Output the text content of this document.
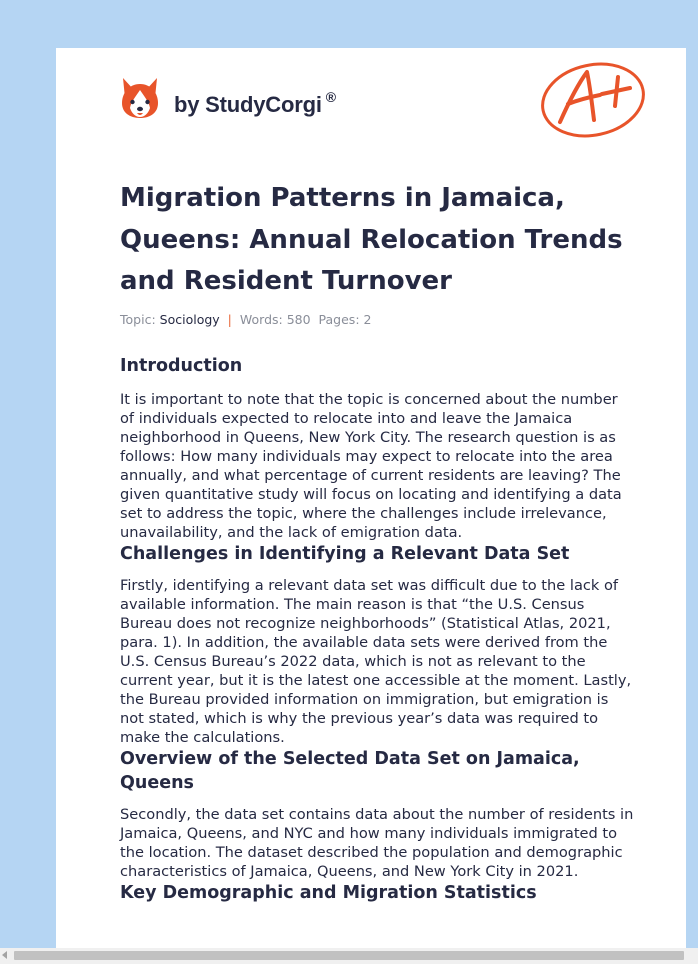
by StudyCorgi ®
Migration Patterns in Jamaica, Queens: Annual Relocation Trends and Resident Turnover
Topic: Sociology | Words: 580 Pages: 2
Introduction

It is important to note that the topic is concerned about the number of individuals expected to relocate into and leave the Jamaica neighborhood in Queens, New York City. The research question is as follows: How many individuals may expect to relocate into the area annually, and what percentage of current residents are leaving? The given quantitative study will focus on locating and identifying a data set to address the topic, where the challenges include irrelevance, unavailability, and the lack of emigration data.

Challenges in Identifying a Relevant Data Set

Firstly, identifying a relevant data set was difficult due to the lack of available information. The main reason is that “the U.S. Census Bureau does not recognize neighborhoods” (Statistical Atlas, 2021, para. 1). In addition, the available data sets were derived from the U.S. Census Bureau’s 2022 data, which is not as relevant to the current year, but it is the latest one accessible at the moment. Lastly, the Bureau provided information on immigration, but emigration is not stated, which is why the previous year’s data was required to make the calculations.

Overview of the Selected Data Set on Jamaica, Queens

Secondly, the data set contains data about the number of residents in Jamaica, Queens, and NYC and how many individuals immigrated to the location. The dataset described the population and demographic characteristics of Jamaica, Queens, and New York City in 2021.

Key Demographic and Migration Statistics
